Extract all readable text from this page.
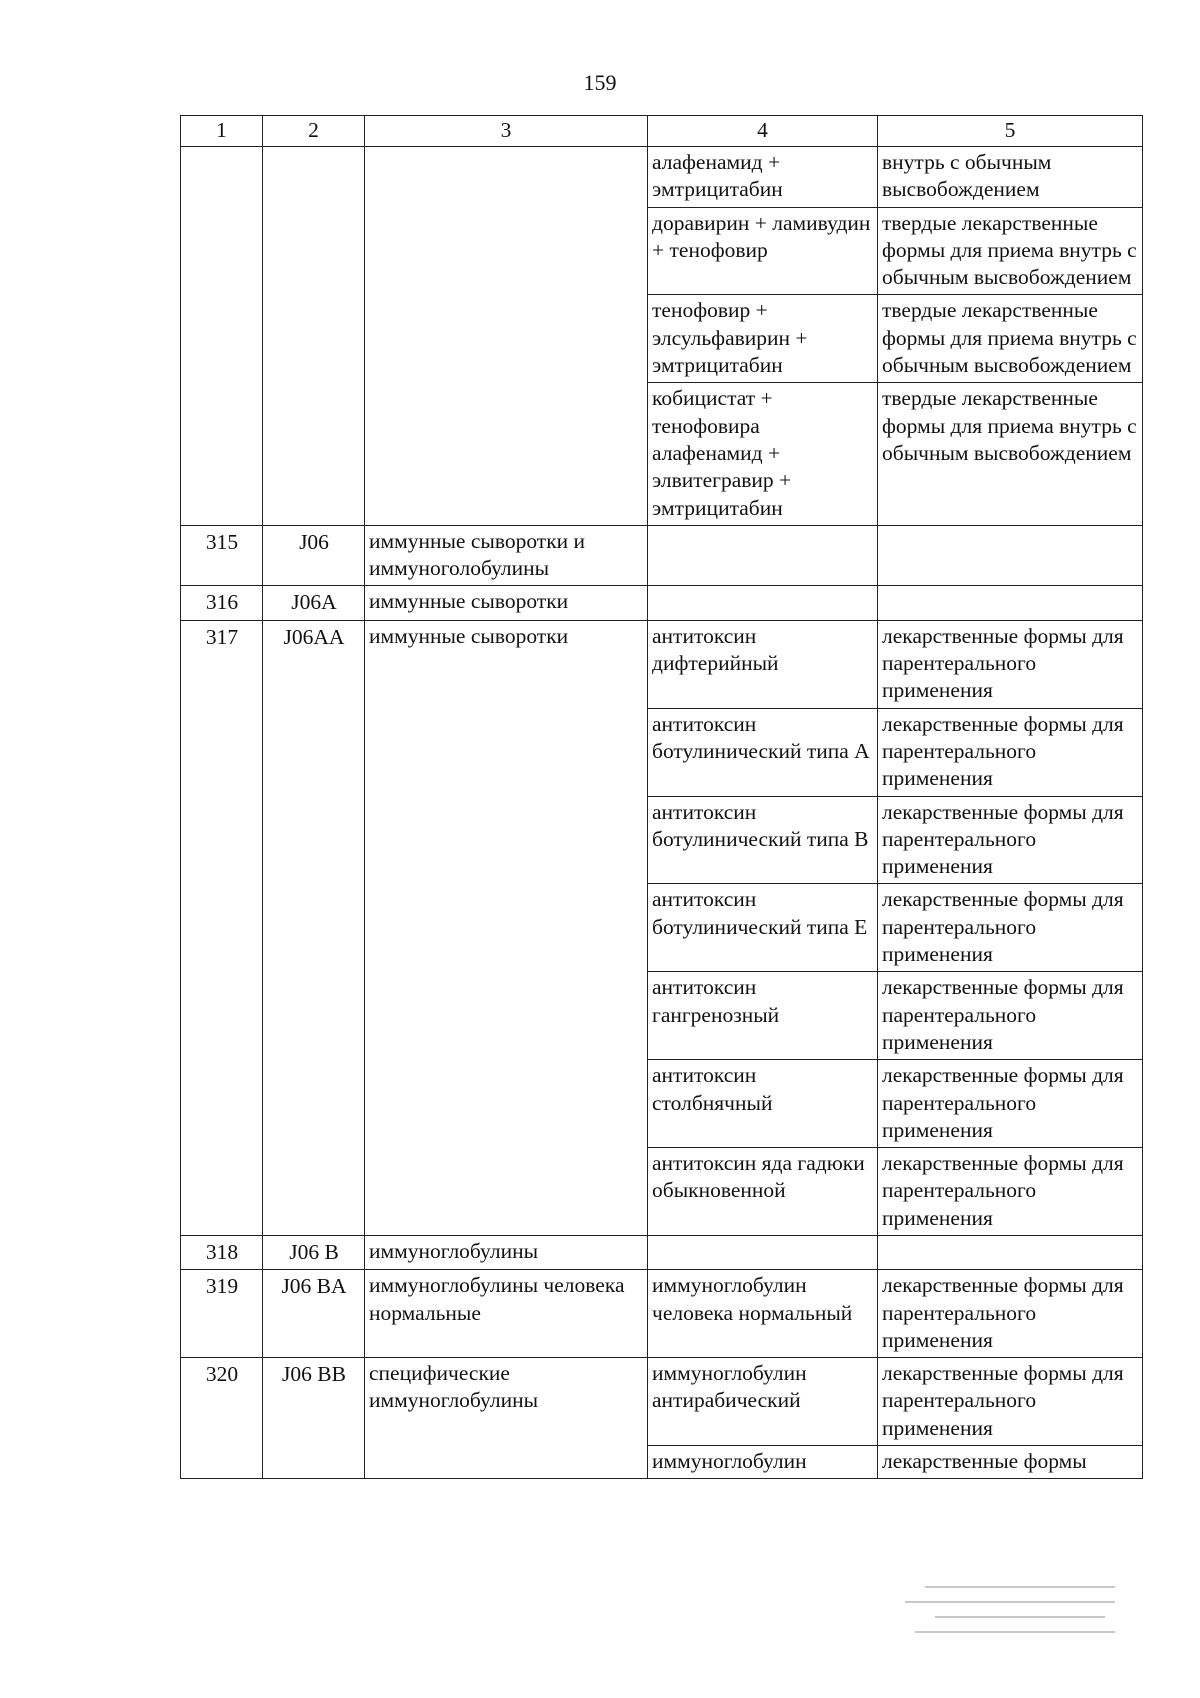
159
1	2	3	4	5
			алафенамид + эмтрицитабин	внутрь с обычным высвобождением
			доравирин + ламивудин + тенофовир	твердые лекарственные формы для приема внутрь с обычным высвобождением
			тенофовир + элсульфавирин + эмтрицитабин	твердые лекарственные формы для приема внутрь с обычным высвобождением
			кобицистат + тенофовира алафенамид + элвитегравир + эмтрицитабин	твердые лекарственные формы для приема внутрь с обычным высвобождением
315	J06	иммунные сыворотки и иммуноголобулины		
316	J06A	иммунные сыворотки		
317	J06AA	иммунные сыворотки	антитоксин дифтерийный	лекарственные формы для парентерального применения
			антитоксин ботулинический типа А	лекарственные формы для парентерального применения
			антитоксин ботулинический типа В	лекарственные формы для парентерального применения
			антитоксин ботулинический типа Е	лекарственные формы для парентерального применения
			антитоксин гангренозный	лекарственные формы для парентерального применения
			антитоксин столбнячный	лекарственные формы для парентерального применения
			антитоксин яда гадюки обыкновенной	лекарственные формы для парентерального применения
318	J06 B	иммуноглобулины		
319	J06 BA	иммуноглобулины человека нормальные	иммуноглобулин человека нормальный	лекарственные формы для парентерального применения
320	J06 BB	специфические иммуноглобулины	иммуноглобулин антирабический	лекарственные формы для парентерального применения
			иммуноглобулин	лекарственные формы
